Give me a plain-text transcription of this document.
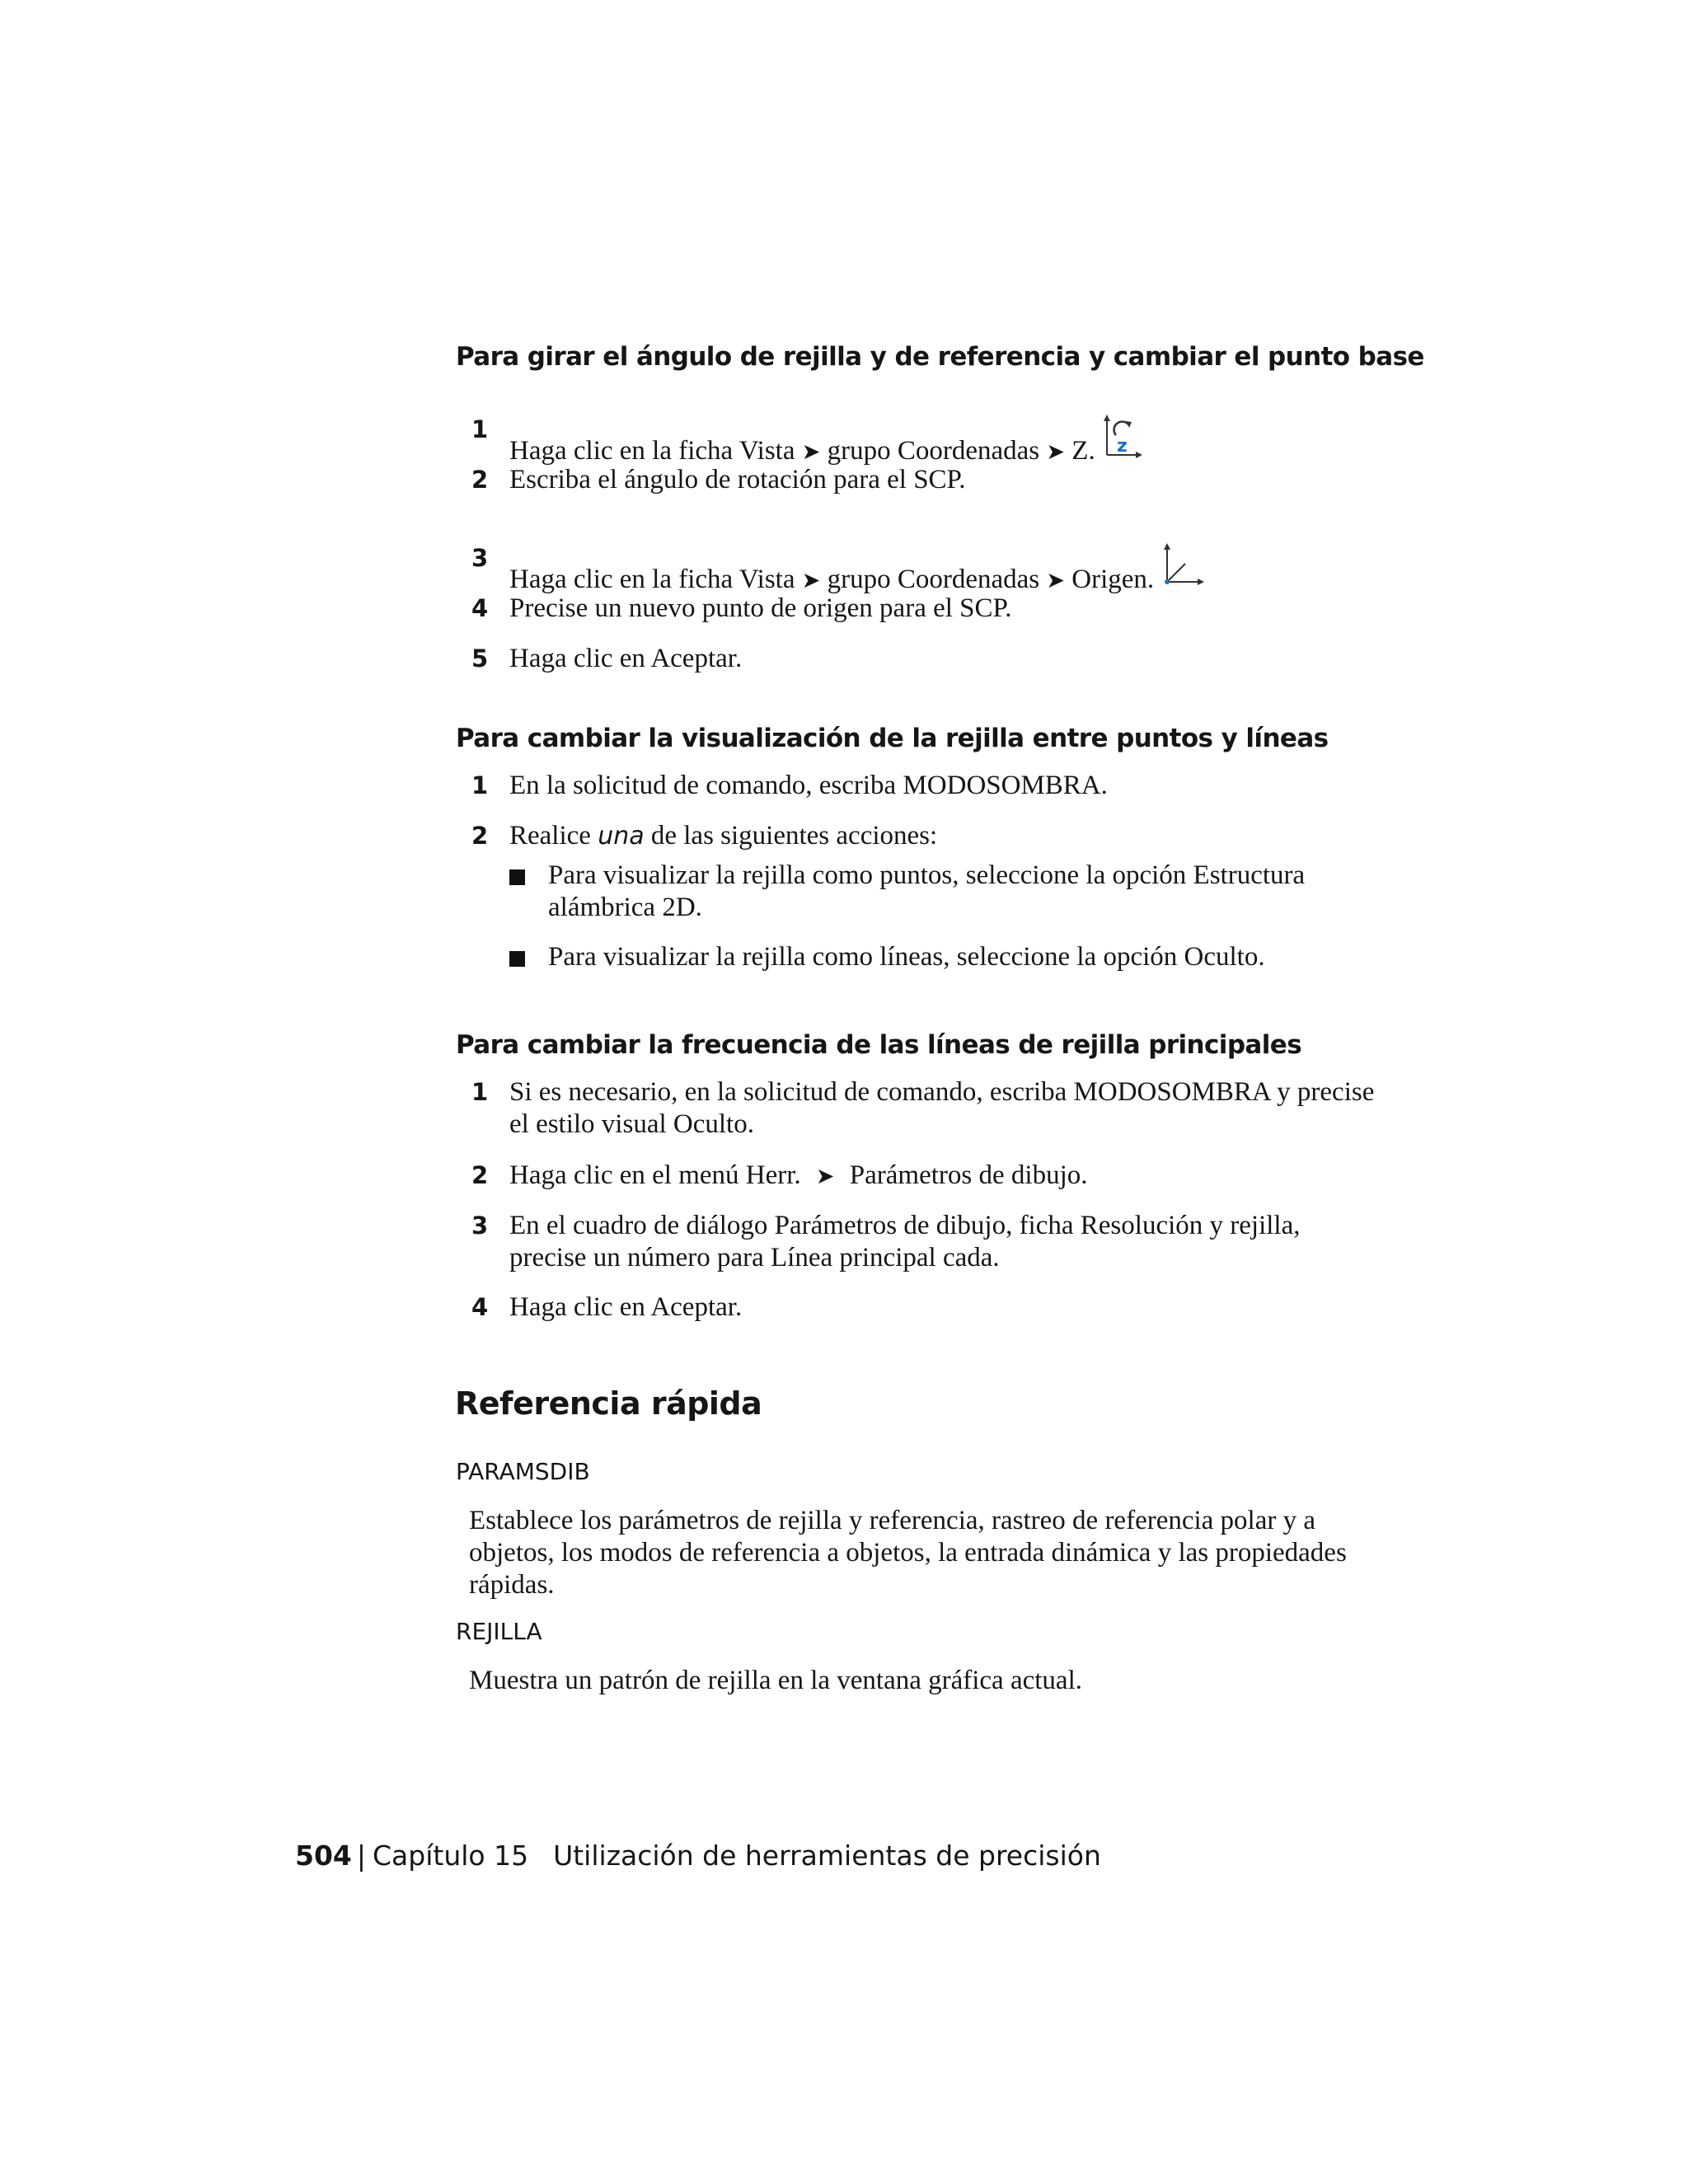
Para girar el ángulo de rejilla y de referencia y cambiar el punto base
1
Haga clic en la ficha Vista ➤ grupo Coordenadas ➤ Z. z
2 Escriba el ángulo de rotación para el SCP.
3
Haga clic en la ficha Vista ➤ grupo Coordenadas ➤ Origen.
4 Precise un nuevo punto de origen para el SCP.
5 Haga clic en Aceptar.
Para cambiar la visualización de la rejilla entre puntos y líneas
1 En la solicitud de comando, escriba MODOSOMBRA.
2 Realice una de las siguientes acciones:
Para visualizar la rejilla como puntos, seleccione la opción Estructura alámbrica 2D.
Para visualizar la rejilla como líneas, seleccione la opción Oculto.
Para cambiar la frecuencia de las líneas de rejilla principales
1 Si es necesario, en la solicitud de comando, escriba MODOSOMBRA y precise el estilo visual Oculto.
2 Haga clic en el menú Herr. ➤ Parámetros de dibujo.
3 En el cuadro de diálogo Parámetros de dibujo, ficha Resolución y rejilla, precise un número para Línea principal cada.
4 Haga clic en Aceptar.
Referencia rápida
PARAMSDIB
Establece los parámetros de rejilla y referencia, rastreo de referencia polar y a objetos, los modos de referencia a objetos, la entrada dinámica y las propiedades rápidas.
REJILLA
Muestra un patrón de rejilla en la ventana gráfica actual.
504 | Capítulo 15 Utilización de herramientas de precisión
